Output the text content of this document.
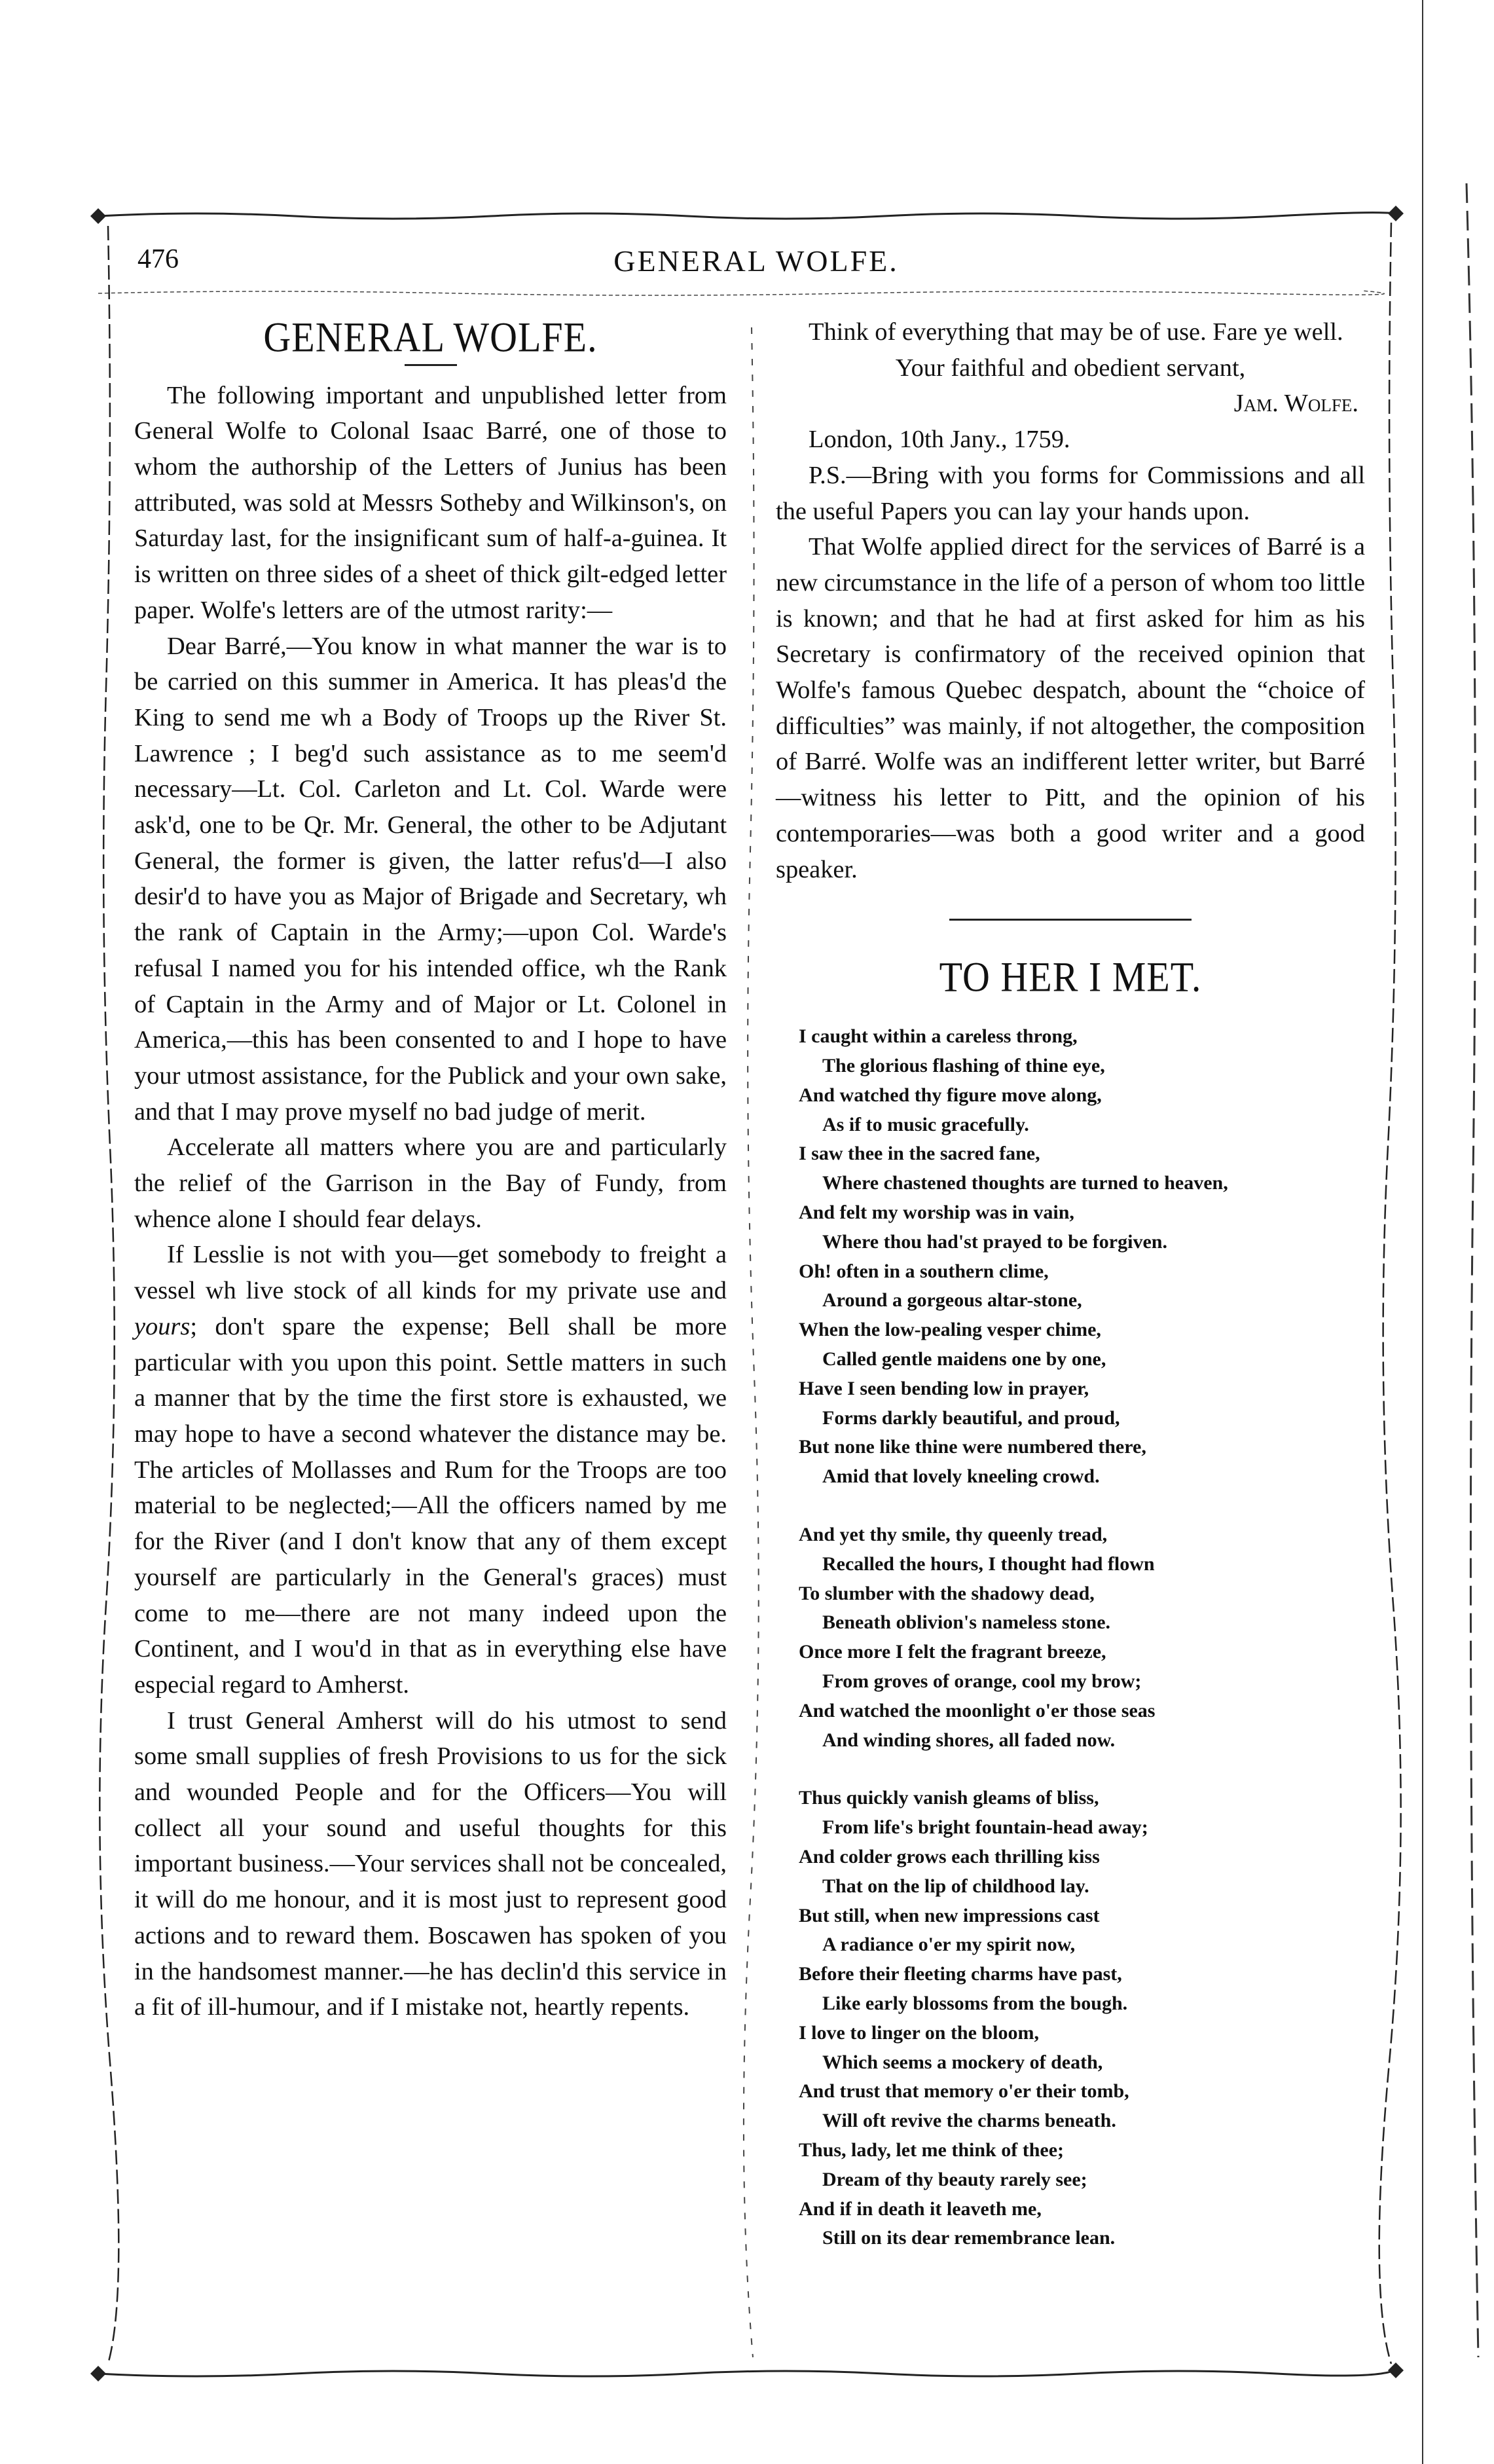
476	GENERAL WOLFE.
GENERAL WOLFE.

The following important and unpublished letter from General Wolfe to Colonal Isaac Barré, one of those to whom the authorship of the Letters of Junius has been attributed, was sold at Messrs Sotheby and Wilkinson's, on Saturday last, for the insignificant sum of half-a-guinea. It is written on three sides of a sheet of thick gilt-edged letter paper. Wolfe's letters are of the utmost rarity:—

Dear Barré,—You know in what manner the war is to be carried on this summer in America. It has pleas'd the King to send me wh a Body of Troops up the River St. Lawrence ; I beg'd such assistance as to me seem'd necessary—Lt. Col. Carleton and Lt. Col. Warde were ask'd, one to be Qr. Mr. General, the other to be Adjutant General, the former is given, the latter refus'd—I also desir'd to have you as Major of Brigade and Secretary, wh the rank of Captain in the Army;—upon Col. Warde's refusal I named you for his intended office, wh the Rank of Captain in the Army and of Major or Lt. Colonel in America,—this has been consented to and I hope to have your utmost assistance, for the Publick and your own sake, and that I may prove myself no bad judge of merit.

Accelerate all matters where you are and particularly the relief of the Garrison in the Bay of Fundy, from whence alone I should fear delays.

If Lesslie is not with you—get somebody to freight a vessel wh live stock of all kinds for my private use and yours; don't spare the expense; Bell shall be more particular with you upon this point. Settle matters in such a manner that by the time the first store is exhausted, we may hope to have a second whatever the distance may be. The articles of Mollasses and Rum for the Troops are too material to be neglected;—All the officers named by me for the River (and I don't know that any of them except yourself are particularly in the General's graces) must come to me—there are not many indeed upon the Continent, and I wou'd in that as in everything else have especial regard to Amherst.

I trust General Amherst will do his utmost to send some small supplies of fresh Provisions to us for the sick and wounded People and for the Officers—You will collect all your sound and useful thoughts for this important business.—Your services shall not be concealed, it will do me honour, and it is most just to represent good actions and to reward them. Boscawen has spoken of you in the handsomest manner.—he has declin'd this service in a fit of ill-humour, and if I mistake not, heartly repents.

Think of everything that may be of use. Fare ye well.

Your faithful and obedient servant,

Jam. Wolfe.

London, 10th Jany., 1759.

P.S.—Bring with you forms for Commissions and all the useful Papers you can lay your hands upon.

That Wolfe applied direct for the services of Barré is a new circumstance in the life of a person of whom too little is known; and that he had at first asked for him as his Secretary is confirmatory of the received opinion that Wolfe's famous Quebec despatch, abount the “choice of difficulties” was mainly, if not altogether, the composition of Barré. Wolfe was an indifferent letter writer, but Barré—witness his letter to Pitt, and the opinion of his contemporaries—was both a good writer and a good speaker.

TO HER I MET.
I caught within a careless throng,
The glorious flashing of thine eye,
And watched thy figure move along,
As if to music gracefully.
I saw thee in the sacred fane,
Where chastened thoughts are turned to heaven,
And felt my worship was in vain,
Where thou had'st prayed to be forgiven.
Oh! often in a southern clime,
Around a gorgeous altar-stone,
When the low-pealing vesper chime,
Called gentle maidens one by one,
Have I seen bending low in prayer,
Forms darkly beautiful, and proud,
But none like thine were numbered there,
Amid that lovely kneeling crowd.
And yet thy smile, thy queenly tread,
Recalled the hours, I thought had flown
To slumber with the shadowy dead,
Beneath oblivion's nameless stone.
Once more I felt the fragrant breeze,
From groves of orange, cool my brow;
And watched the moonlight o'er those seas
And winding shores, all faded now.
Thus quickly vanish gleams of bliss,
From life's bright fountain-head away;
And colder grows each thrilling kiss
That on the lip of childhood lay.
But still, when new impressions cast
A radiance o'er my spirit now,
Before their fleeting charms have past,
Like early blossoms from the bough.
I love to linger on the bloom,
Which seems a mockery of death,
And trust that memory o'er their tomb,
Will oft revive the charms beneath.
Thus, lady, let me think of thee;
Dream of thy beauty rarely see;
And if in death it leaveth me,
Still on its dear remembrance lean.
